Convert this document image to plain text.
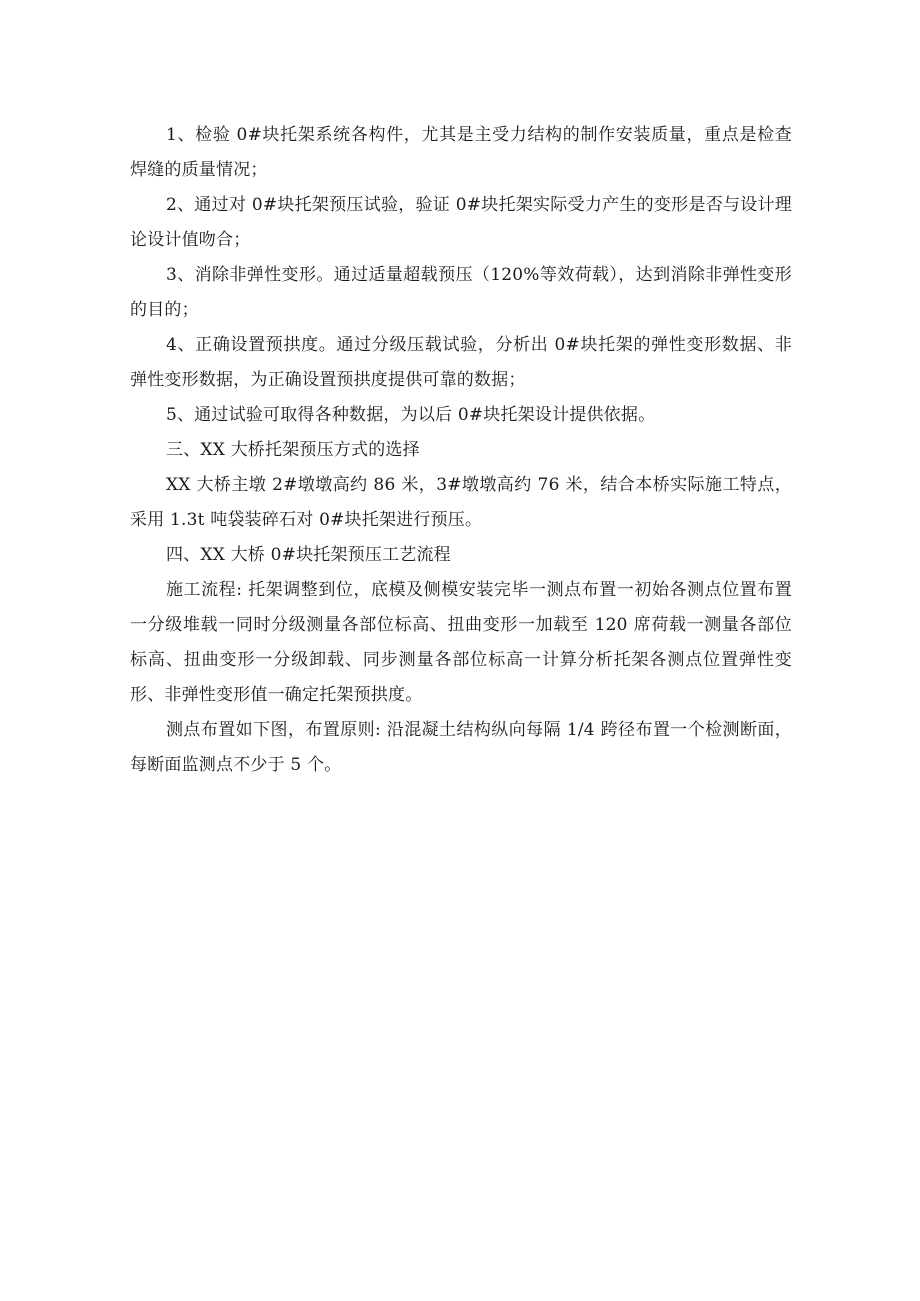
1、检验 0#块托架系统各构件，尤其是主受力结构的制作安装质量，重点是检查焊缝的质量情况；

2、通过对 0#块托架预压试验，验证 0#块托架实际受力产生的变形是否与设计理论设计值吻合；

3、消除非弹性变形。通过适量超载预压（120%等效荷载），达到消除非弹性变形的目的；

4、正确设置预拱度。通过分级压载试验，分析出 0#块托架的弹性变形数据、非弹性变形数据，为正确设置预拱度提供可靠的数据；

5、通过试验可取得各种数据，为以后 0#块托架设计提供依据。

三、XX 大桥托架预压方式的选择

XX 大桥主墩 2#墩墩高约 86 米，3#墩墩高约 76 米，结合本桥实际施工特点，采用 1.3t 吨袋装碎石对 0#块托架进行预压。

四、XX 大桥 0#块托架预压工艺流程

施工流程: 托架调整到位，底模及侧模安装完毕一测点布置一初始各测点位置布置一分级堆载一同时分级测量各部位标高、扭曲变形一加载至 120 席荷载一测量各部位标高、扭曲变形一分级卸载、同步测量各部位标高一计算分析托架各测点位置弹性变形、非弹性变形值一确定托架预拱度。

测点布置如下图，布置原则: 沿混凝土结构纵向每隔 1/4 跨径布置一个检测断面，每断面监测点不少于 5 个。
